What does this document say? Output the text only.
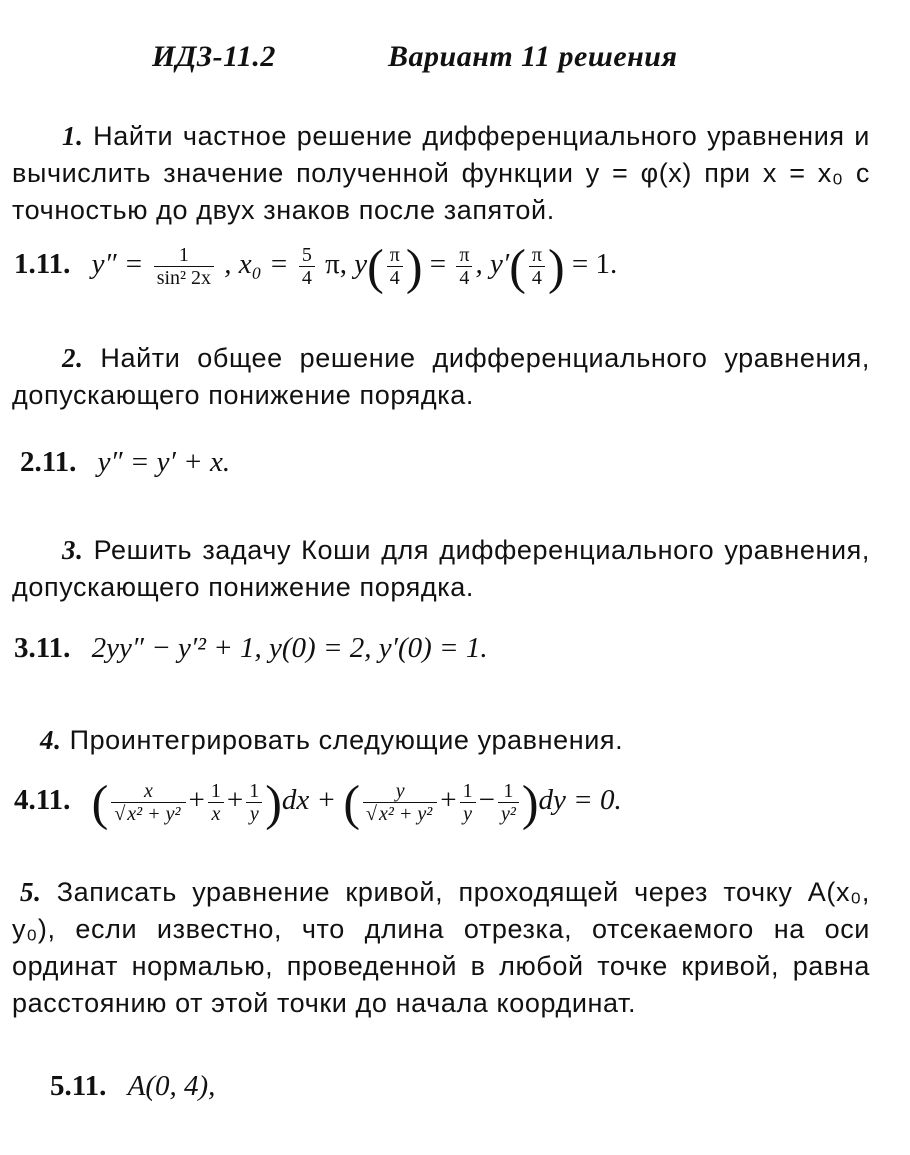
ИДЗ-11.2	Вариант 11 решения
1. Найти частное решение дифференциального уравнения и вычислить значение полученной функции y = φ(x) при x = x₀ с точностью до двух знаков после запятой.
1.11. $y'' = \frac{1}{\text{sin² 2x}}$ , $x_0 = \frac{5}{4} \pi$, $y( \frac{\pi}{4}$ ) = $\frac{\pi}{4}$ , $y'( \frac{\pi}{4}$ ) = 1.
2. Найти общее решение дифференциального уравнения, допускающего понижение порядка.
2.11. y″ = y′ + x.
3. Решить задачу Коши для дифференциального уравнения, допускающего понижение порядка.
3.11. 2yy″ − y′² + 1, y(0) = 2, y′(0) = 1.
4. Проинтегрировать следующие уравнения.
4.11. ( $\frac{x}{\text{√ x² + y²}} + \frac{1}{x} + \frac{1}{y} )dx$ + ( $\frac{y}{\text{√ x² + y²}} + \frac{1}{y} - \frac{1}{\text{y²}} )dy = 0$.
5. Записать уравнение кривой, проходящей через точку A(x₀, y₀), если известно, что длина отрезка, отсекаемого на оси ординат нормалью, проведенной в любой точке кривой, равна расстоянию от этой точки до начала координат.
5.11. A(0, 4),
